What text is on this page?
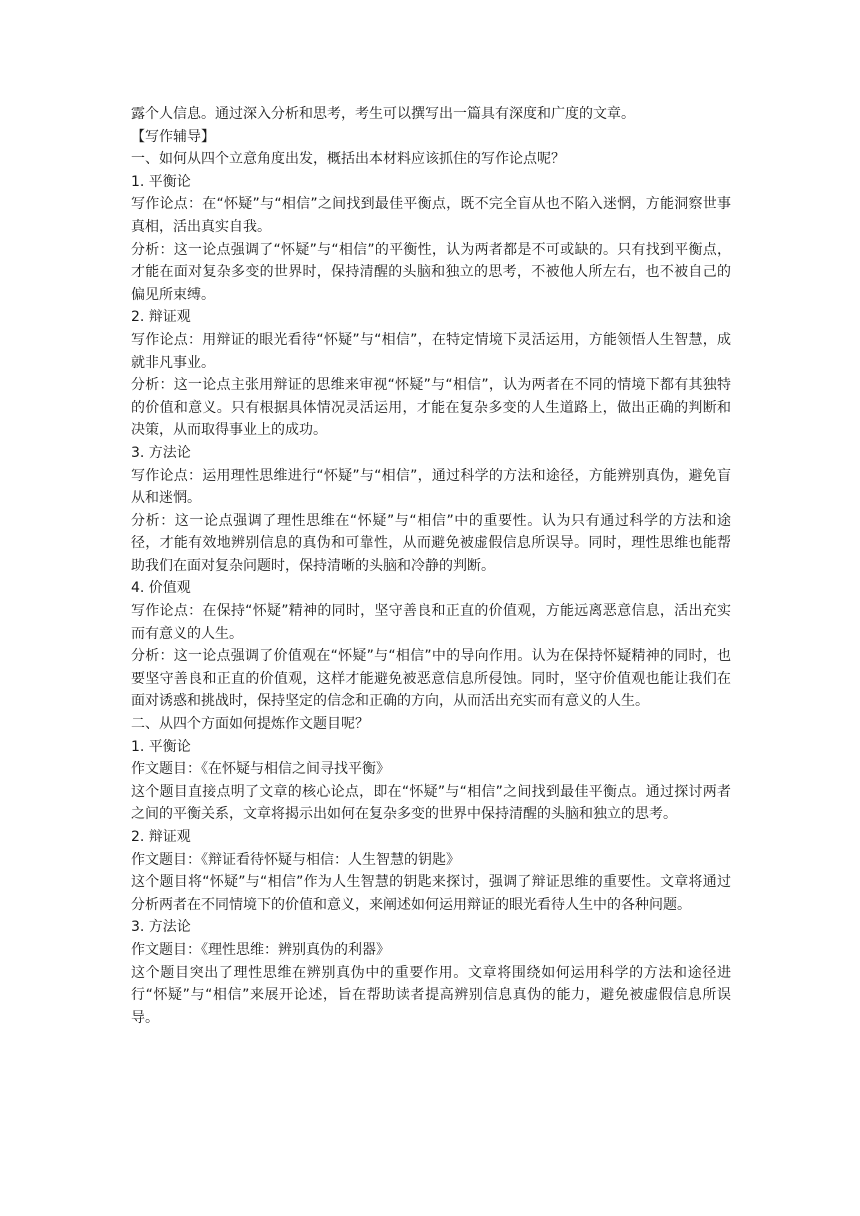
露个人信息。通过深入分析和思考，考生可以撰写出一篇具有深度和广度的文章。

【写作辅导】

一、如何从四个立意角度出发，概括出本材料应该抓住的写作论点呢？

1. 平衡论

写作论点：在“怀疑”与“相信”之间找到最佳平衡点，既不完全盲从也不陷入迷惘，方能洞察世事真相，活出真实自我。

分析：这一论点强调了“怀疑”与“相信”的平衡性，认为两者都是不可或缺的。只有找到平衡点，才能在面对复杂多变的世界时，保持清醒的头脑和独立的思考，不被他人所左右，也不被自己的偏见所束缚。

2. 辩证观

写作论点：用辩证的眼光看待“怀疑”与“相信”，在特定情境下灵活运用，方能领悟人生智慧，成就非凡事业。

分析：这一论点主张用辩证的思维来审视“怀疑”与“相信”，认为两者在不同的情境下都有其独特的价值和意义。只有根据具体情况灵活运用，才能在复杂多变的人生道路上，做出正确的判断和决策，从而取得事业上的成功。

3. 方法论

写作论点：运用理性思维进行“怀疑”与“相信”，通过科学的方法和途径，方能辨别真伪，避免盲从和迷惘。

分析：这一论点强调了理性思维在“怀疑”与“相信”中的重要性。认为只有通过科学的方法和途径，才能有效地辨别信息的真伪和可靠性，从而避免被虚假信息所误导。同时，理性思维也能帮助我们在面对复杂问题时，保持清晰的头脑和冷静的判断。

4. 价值观

写作论点：在保持“怀疑”精神的同时，坚守善良和正直的价值观，方能远离恶意信息，活出充实而有意义的人生。

分析：这一论点强调了价值观在“怀疑”与“相信”中的导向作用。认为在保持怀疑精神的同时，也要坚守善良和正直的价值观，这样才能避免被恶意信息所侵蚀。同时，坚守价值观也能让我们在面对诱惑和挑战时，保持坚定的信念和正确的方向，从而活出充实而有意义的人生。

二、从四个方面如何提炼作文题目呢？

1. 平衡论

作文题目：《在怀疑与相信之间寻找平衡》

这个题目直接点明了文章的核心论点，即在“怀疑”与“相信”之间找到最佳平衡点。通过探讨两者之间的平衡关系，文章将揭示出如何在复杂多变的世界中保持清醒的头脑和独立的思考。

2. 辩证观

作文题目：《辩证看待怀疑与相信：人生智慧的钥匙》

这个题目将“怀疑”与“相信”作为人生智慧的钥匙来探讨，强调了辩证思维的重要性。文章将通过分析两者在不同情境下的价值和意义，来阐述如何运用辩证的眼光看待人生中的各种问题。

3. 方法论

作文题目：《理性思维：辨别真伪的利器》

这个题目突出了理性思维在辨别真伪中的重要作用。文章将围绕如何运用科学的方法和途径进行“怀疑”与“相信”来展开论述，旨在帮助读者提高辨别信息真伪的能力，避免被虚假信息所误导。
